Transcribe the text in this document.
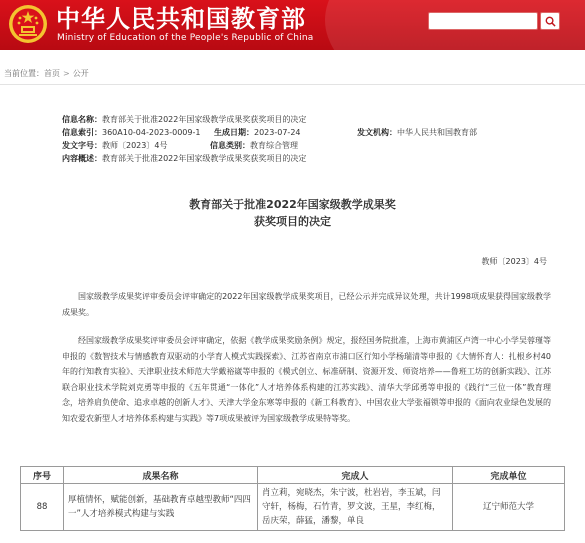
中华人民共和国教育部
Ministry of Education of the People's Republic of China
当前位置：首页 > 公开
信息名称：教育部关于批准2022年国家级教学成果奖获奖项目的决定
信息索引：360A10-04-2023-0009-1 生成日期：2023-07-24	发文机构：中华人民共和国教育部
发文字号：教师〔2023〕4号	信息类别：教育综合管理
内容概述：教育部关于批准2022年国家级教学成果奖获奖项目的决定
教育部关于批准2022年国家级教学成果奖
获奖项目的决定
教师〔2023〕4号

国家级教学成果奖评审委员会评审确定的2022年国家级教学成果奖项目，已经公示并完成异议处理，共计1998项成果获得国家级教学成果奖。

经国家级教学成果奖评审委员会评审确定，依据《教学成果奖励条例》规定，报经国务院批准，上海市黄浦区卢湾一中心小学吴蓉瑾等申报的《数智技术与情感教育双驱动的小学育人模式实践探索》、江苏省南京市浦口区行知小学杨瑞清等申报的《大情怀育人：扎根乡村40年的行知教育实验》、天津职业技术师范大学戴裕崴等申报的《模式创立、标准研制、资源开发、师资培养——鲁班工坊的创新实践》、江苏联合职业技术学院刘克勇等申报的《五年贯通“一体化”人才培养体系构建的江苏实践》、清华大学邱勇等申报的《践行“三位一体”教育理念，培养肩负使命、追求卓越的创新人才》、天津大学金东寒等申报的《新工科教育》、中国农业大学张福锁等申报的《面向农业绿色发展的知农爱农新型人才培养体系构建与实践》等7项成果被评为国家级教学成果特等奖。

序号	成果名称	完成人	完成单位
88	厚植情怀，赋能创新，基础教育卓越型教师“四四一”人才培养模式构建与实践	肖立莉，宛晓杰，朱宁波，杜岩岩，李玉斌，闫守轩，杨梅，石竹青，罗文波，王星，李红梅，岳庆荣，薛猛，潘黎，单良	辽宁师范大学
